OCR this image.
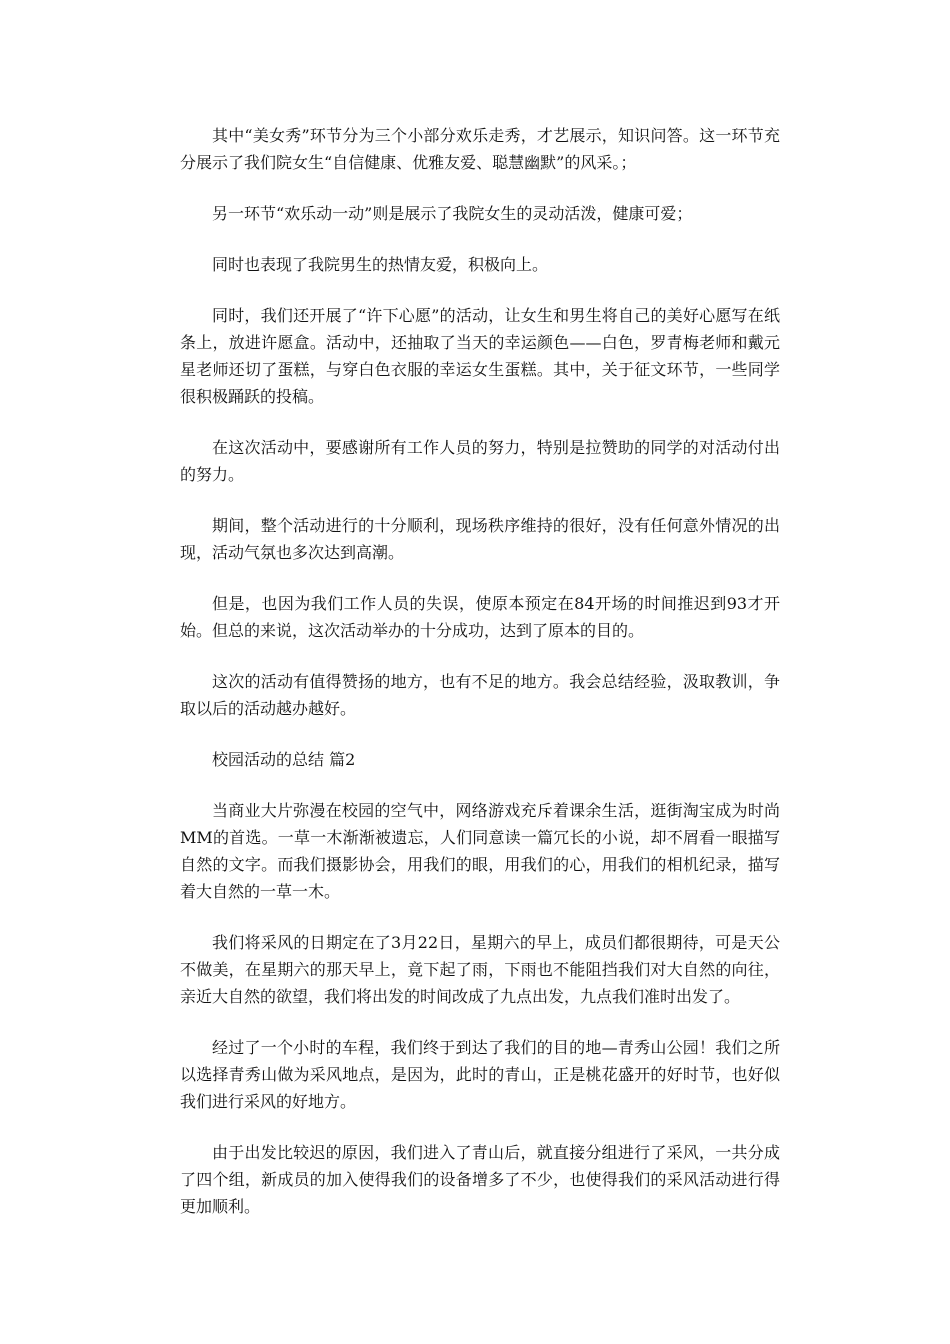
其中“美女秀”环节分为三个小部分欢乐走秀，才艺展示，知识问答。这一环节充分展示了我们院女生“自信健康、优雅友爱、聪慧幽默”的风采。；

另一环节“欢乐动一动”则是展示了我院女生的灵动活泼，健康可爱；

同时也表现了我院男生的热情友爱，积极向上。

同时，我们还开展了“许下心愿”的活动，让女生和男生将自己的美好心愿写在纸条上，放进许愿盒。活动中，还抽取了当天的幸运颜色——白色，罗青梅老师和戴元星老师还切了蛋糕，与穿白色衣服的幸运女生蛋糕。其中，关于征文环节，一些同学很积极踊跃的投稿。

在这次活动中，要感谢所有工作人员的努力，特别是拉赞助的同学的对活动付出的努力。

期间，整个活动进行的十分顺利，现场秩序维持的很好，没有任何意外情况的出现，活动气氛也多次达到高潮。

但是，也因为我们工作人员的失误，使原本预定在84开场的时间推迟到93才开始。但总的来说，这次活动举办的十分成功，达到了原本的目的。

这次的活动有值得赞扬的地方，也有不足的地方。我会总结经验，汲取教训，争取以后的活动越办越好。

校园活动的总结 篇2

当商业大片弥漫在校园的空气中，网络游戏充斥着课余生活，逛街淘宝成为时尚MM的首选。一草一木渐渐被遗忘，人们同意读一篇冗长的小说，却不屑看一眼描写自然的文字。而我们摄影协会，用我们的眼，用我们的心，用我们的相机纪录，描写着大自然的一草一木。

我们将采风的日期定在了3月22日，星期六的早上，成员们都很期待，可是天公不做美，在星期六的那天早上，竟下起了雨，下雨也不能阻挡我们对大自然的向往，亲近大自然的欲望，我们将出发的时间改成了九点出发，九点我们准时出发了。

经过了一个小时的车程，我们终于到达了我们的目的地—青秀山公园！我们之所以选择青秀山做为采风地点，是因为，此时的青山，正是桃花盛开的好时节，也好似我们进行采风的好地方。

由于出发比较迟的原因，我们进入了青山后，就直接分组进行了采风，一共分成了四个组，新成员的加入使得我们的设备增多了不少，也使得我们的采风活动进行得更加顺利。
